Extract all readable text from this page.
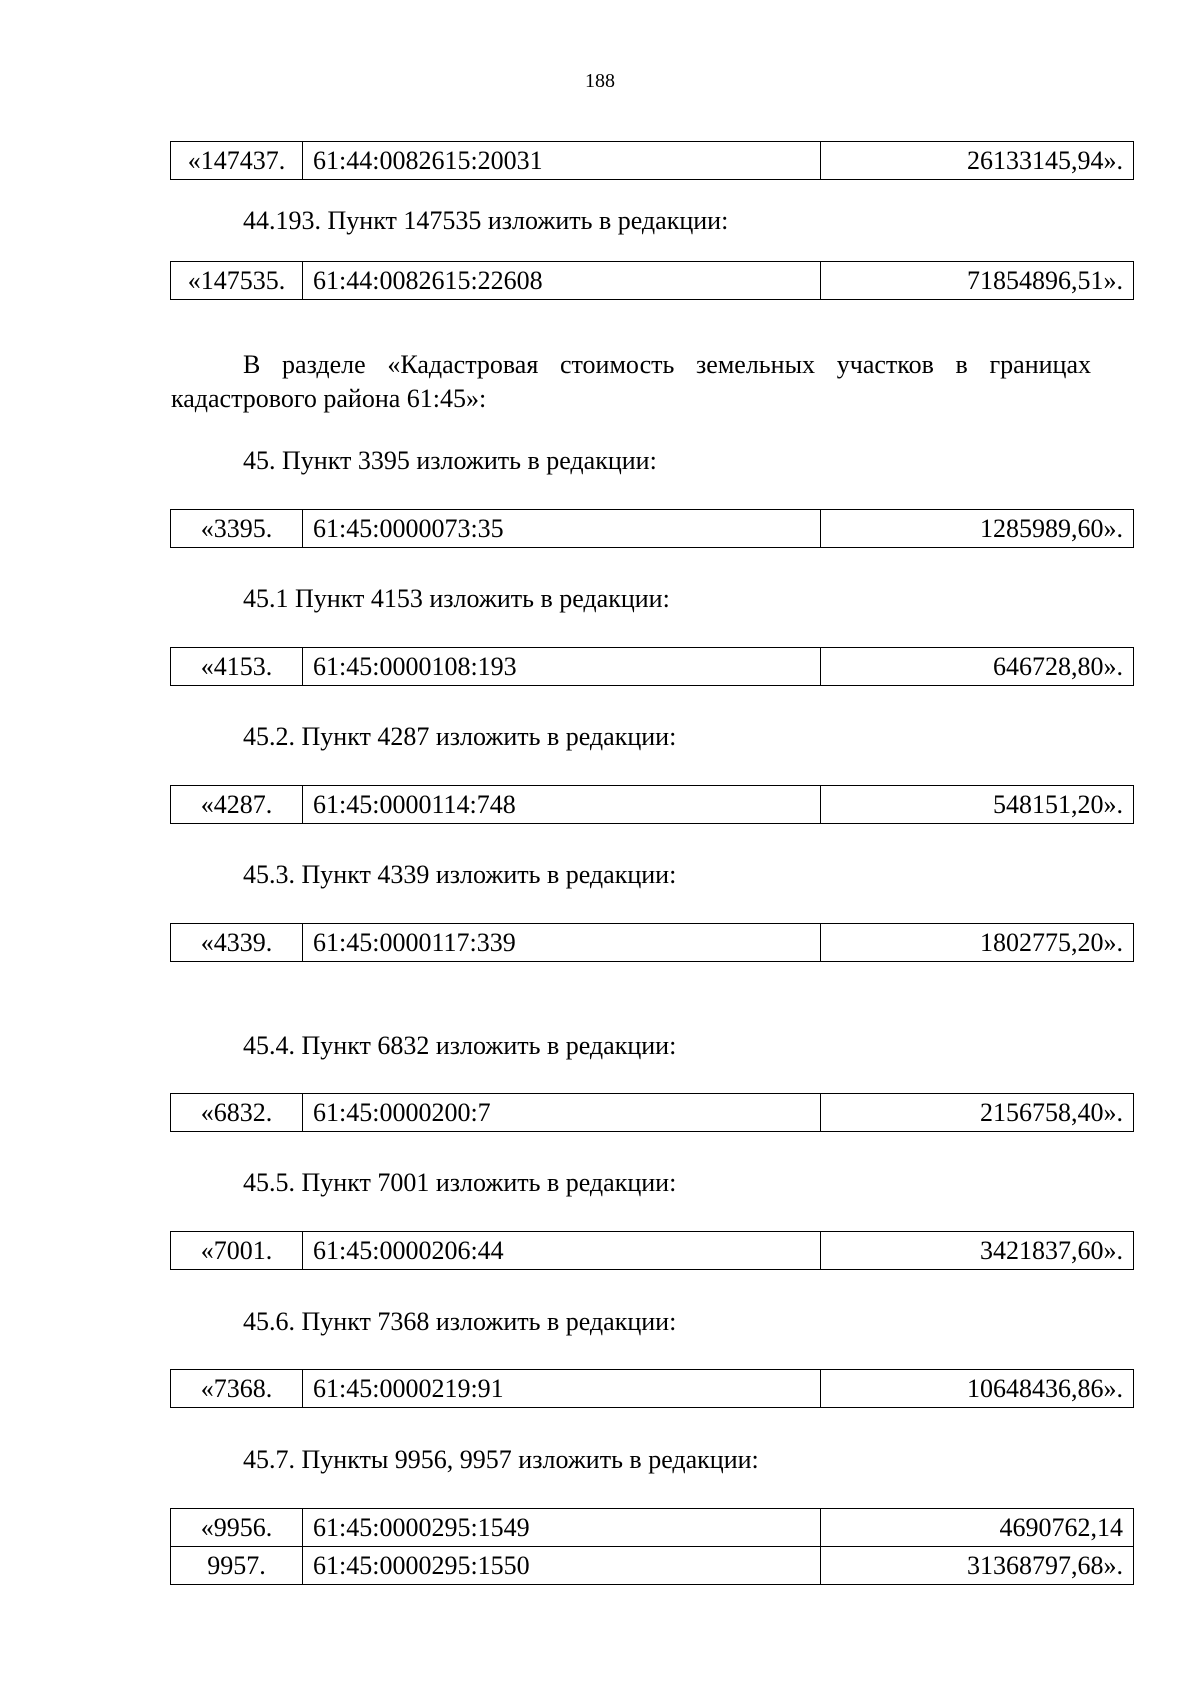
188
«147437.	61:44:0082615:20031	26133145,94».
44.193. Пункт 147535 изложить в редакции:
«147535.	61:44:0082615:22608	71854896,51».
В разделе «Кадастровая стоимость земельных участков в границах
кадастрового района 61:45»:
45. Пункт 3395 изложить в редакции:
«3395.	61:45:0000073:35	1285989,60».
45.1 Пункт 4153 изложить в редакции:
«4153.	61:45:0000108:193	646728,80».
45.2. Пункт 4287 изложить в редакции:
«4287.	61:45:0000114:748	548151,20».
45.3. Пункт 4339 изложить в редакции:
«4339.	61:45:0000117:339	1802775,20».
45.4. Пункт 6832 изложить в редакции:
«6832.	61:45:0000200:7	2156758,40».
45.5. Пункт 7001 изложить в редакции:
«7001.	61:45:0000206:44	3421837,60».
45.6. Пункт 7368 изложить в редакции:
«7368.	61:45:0000219:91	10648436,86».
45.7. Пункты 9956, 9957 изложить в редакции:
«9956.	61:45:0000295:1549	4690762,14
9957.	61:45:0000295:1550	31368797,68».
